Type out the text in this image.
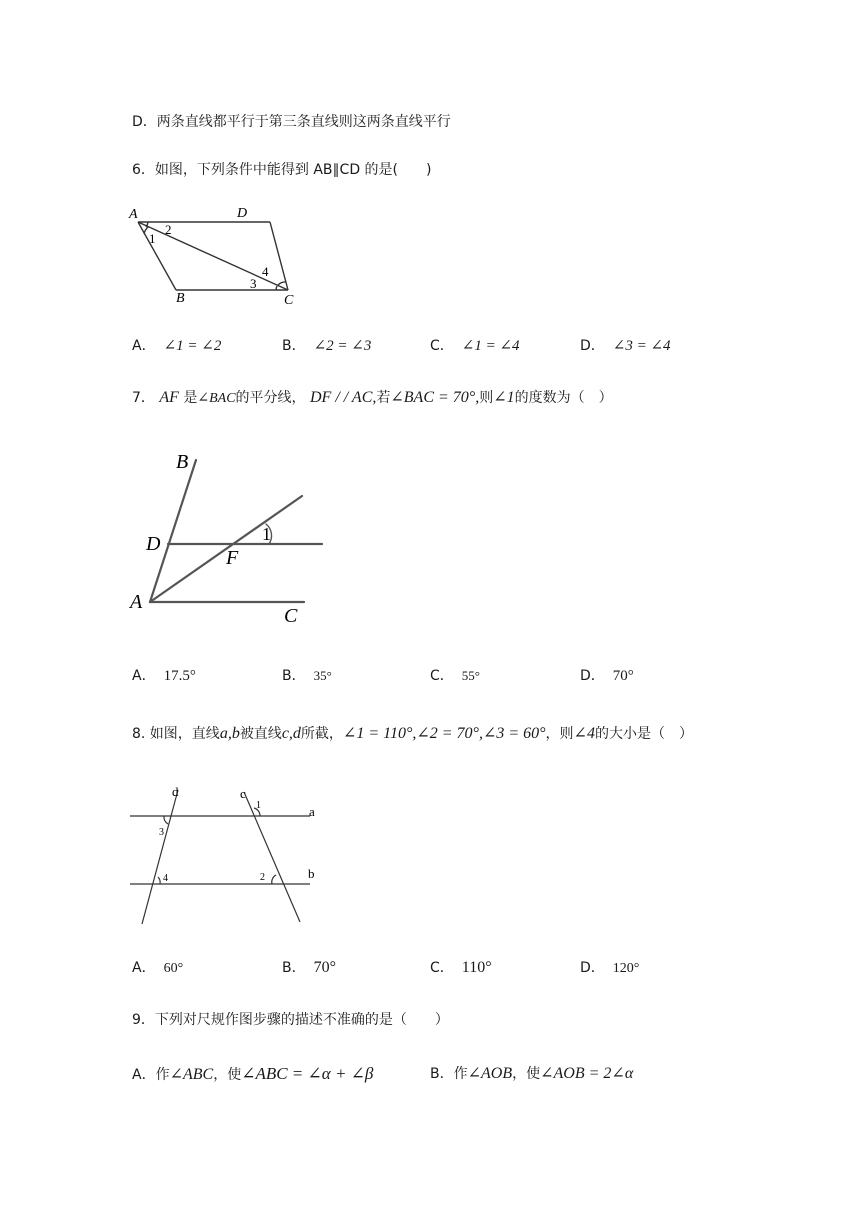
D．两条直线都平行于第三条直线则这两条直线平行
6．如图，下列条件中能得到 AB∥CD 的是(　　)
A	D
B	C
2
1
4
3
A． ∠1 = ∠2	B． ∠2 = ∠3	C． ∠1 = ∠4	D． ∠3 = ∠4
7． AF 是∠BAC的平分线， DF / / AC,若∠BAC = 70°,则∠1的度数为（　）
B
D
F
A
C
1
A． 17.5°	B． 35°	C． 55°	D． 70°
8. 如图，直线a,b被直线c,d所截，∠1 = 110°,∠2 = 70°,∠3 = 60°，则∠4的大小是（　）
d	c
a
b
1
2
3
4
A． 60°	B． 70°	C． 110°	D． 120°
9．下列对尺规作图步骤的描述不准确的是（　　）
A．作∠ABC，使∠ABC = ∠α + ∠β	B．作∠AOB，使∠AOB = 2∠α
